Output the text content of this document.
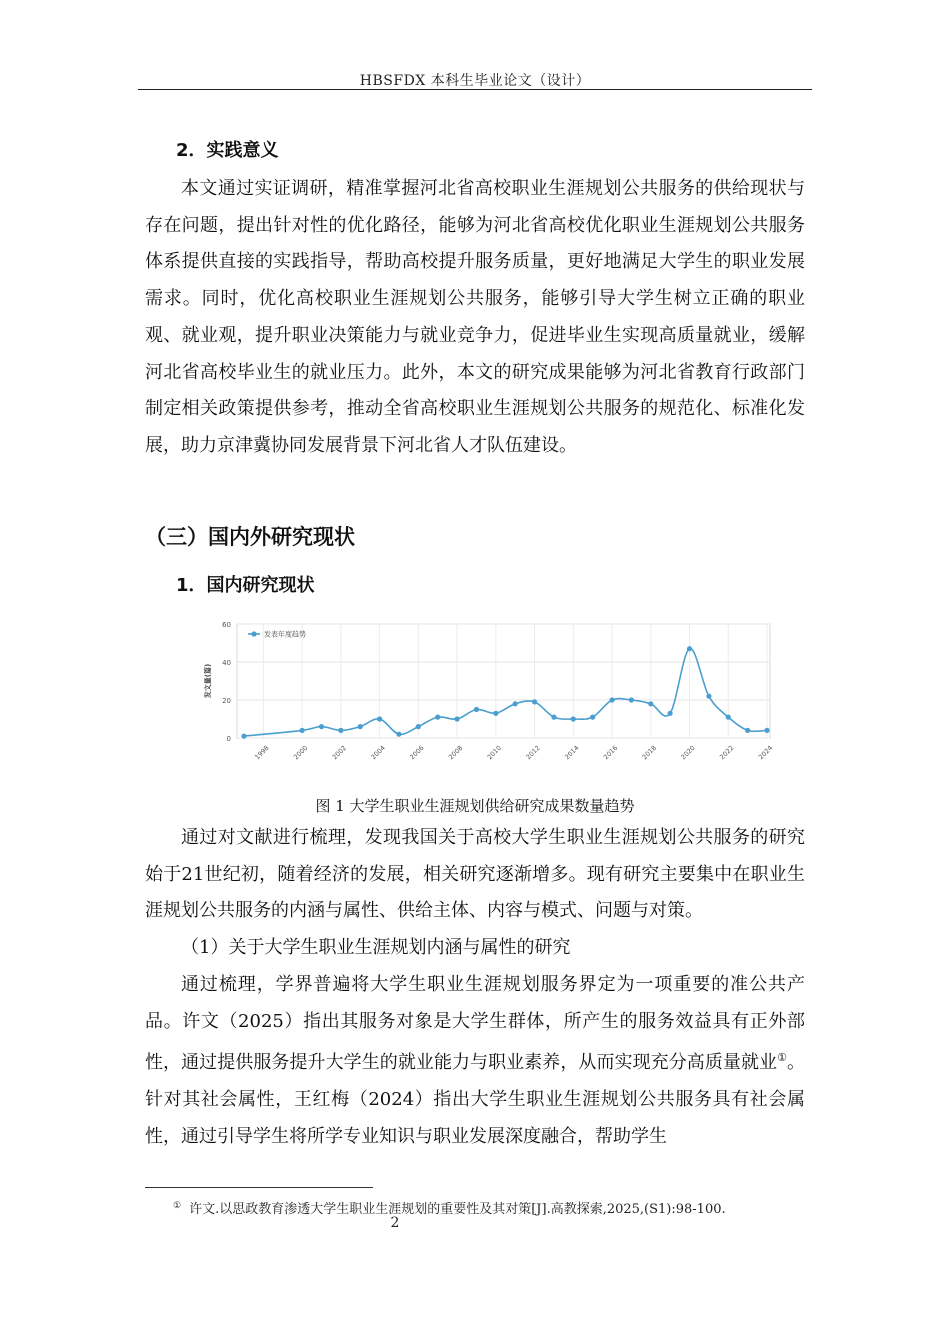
HBSFDX 本科生毕业论文（设计）
2．实践意义

本文通过实证调研，精准掌握河北省高校职业生涯规划公共服务的供给现状与存在问题，提出针对性的优化路径，能够为河北省高校优化职业生涯规划公共服务体系提供直接的实践指导，帮助高校提升服务质量，更好地满足大学生的职业发展需求。同时，优化高校职业生涯规划公共服务，能够引导大学生树立正确的职业观、就业观，提升职业决策能力与就业竞争力，促进毕业生实现高质量就业，缓解河北省高校毕业生的就业压力。此外，本文的研究成果能够为河北省教育行政部门制定相关政策提供参考，推动全省高校职业生涯规划公共服务的规范化、标准化发展，助力京津冀协同发展背景下河北省人才队伍建设。

（三）国内外研究现状
1．国内研究现状
0
20
40
60
1998	2000	2002	2004	2006	2008	2010	2012	2014	2016	2018	2020	2022	2024
发文量(篇)
发表年度趋势
图 1 大学生职业生涯规划供给研究成果数量趋势

通过对文献进行梳理，发现我国关于高校大学生职业生涯规划公共服务的研究始于21世纪初，随着经济的发展，相关研究逐渐增多。现有研究主要集中在职业生涯规划公共服务的内涵与属性、供给主体、内容与模式、问题与对策。

（1）关于大学生职业生涯规划内涵与属性的研究

通过梳理，学界普遍将大学生职业生涯规划服务界定为一项重要的准公共产品。许文（2025）指出其服务对象是大学生群体，所产生的服务效益具有正外部性，通过提供服务提升大学生的就业能力与职业素养，从而实现充分高质量就业①。针对其社会属性，王红梅（2024）指出大学生职业生涯规划公共服务具有社会属性，通过引导学生将所学专业知识与职业发展深度融合，帮助学生

① 许文.以思政教育渗透大学生职业生涯规划的重要性及其对策[J].高教探索,2025,(S1):98-100.
2
